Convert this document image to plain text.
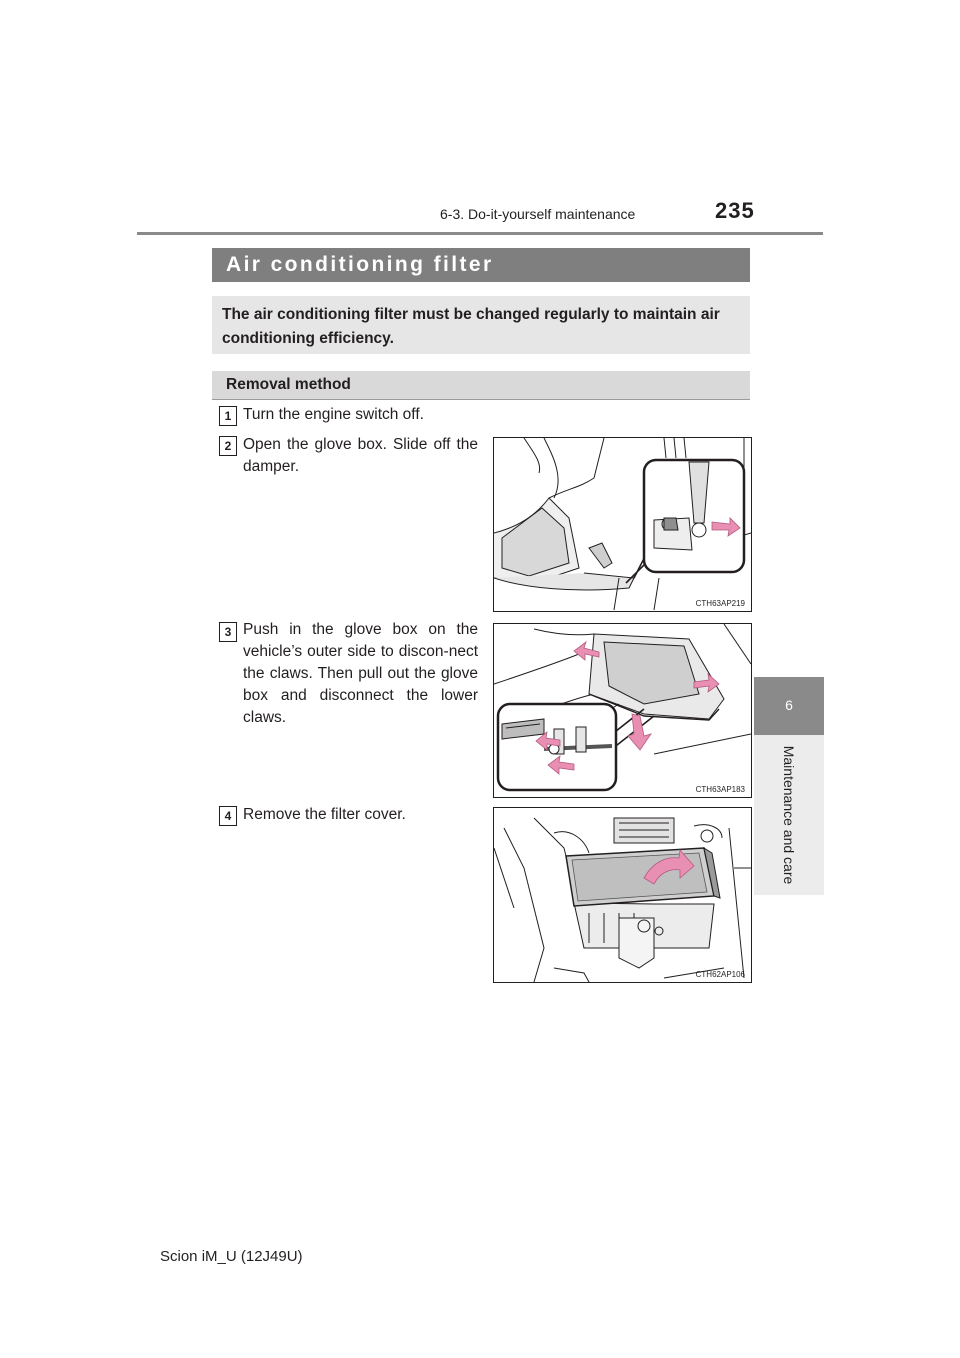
6-3. Do-it-yourself maintenance	235
6
Maintenance and care
Air conditioning filter
The air conditioning filter must be changed regularly to maintain air conditioning efficiency.
Removal method
1 Turn the engine switch off.
2 Open the glove box. Slide off the damper.
CTH63AP219
3 Push in the glove box on the vehicle’s outer side to discon-nect the claws. Then pull out the glove box and disconnect the lower claws.
CTH63AP183
4 Remove the filter cover.
CTH62AP106
Scion iM_U (12J49U)
